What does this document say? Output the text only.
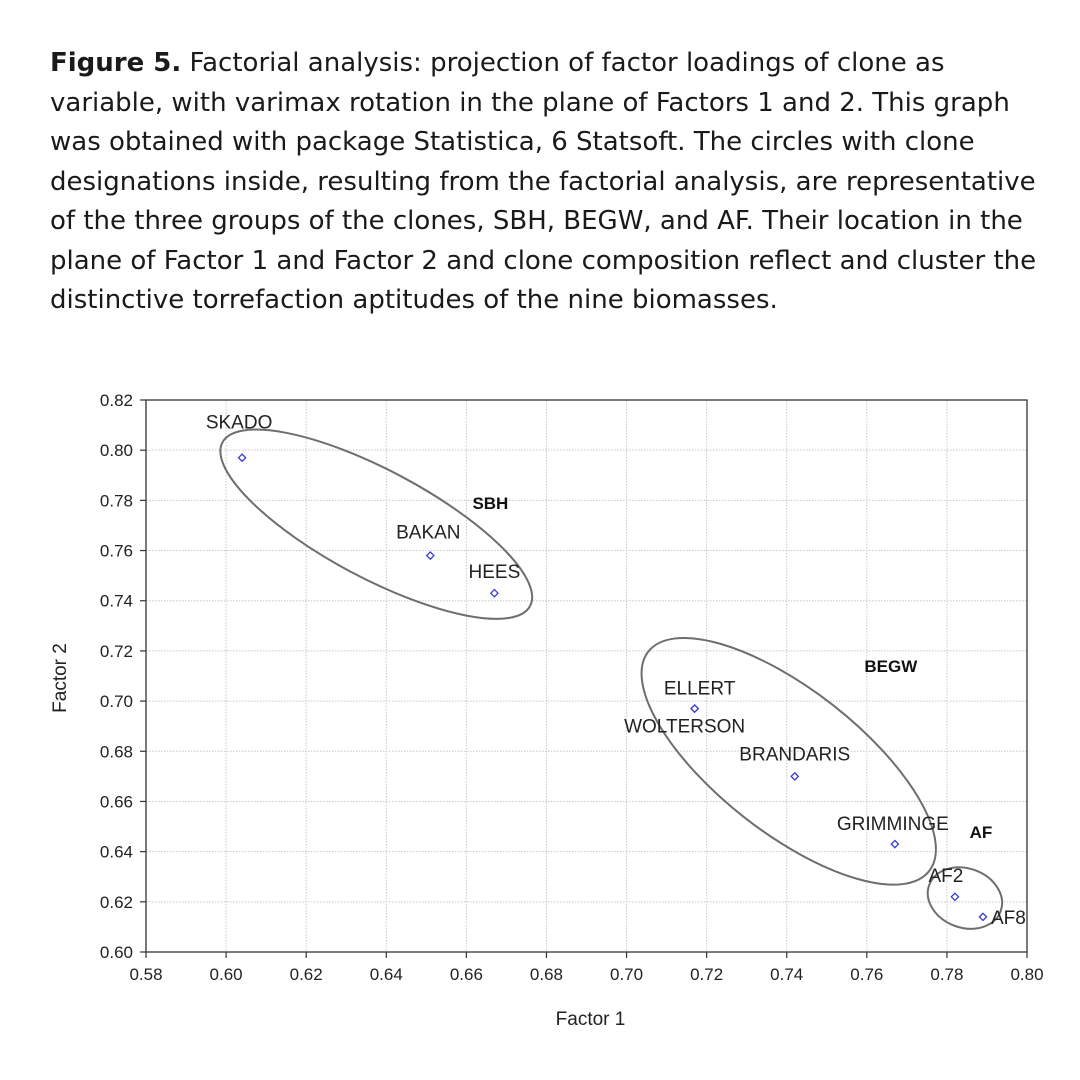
Figure 5. Factorial analysis: projection of factor loadings of clone as variable, with varimax rotation in the plane of Factors 1 and 2. This graph was obtained with package Statistica, 6 Statsoft. The circles with clone designations inside, resulting from the factorial analysis, are representative of the three groups of the clones, SBH, BEGW, and AF. Their location in the plane of Factor 1 and Factor 2 and clone composition reflect and cluster the distinctive torrefaction aptitudes of the nine biomasses.

0.58	0.60	0.62	0.64	0.66	0.68	0.70	0.72	0.74	0.76	0.78	0.80
0.60
0.62
0.64
0.66
0.68
0.70
0.72
0.74
0.76
0.78
0.80
0.82
Factor 1
Factor 2
SBH
BEGW
AF
SKADO
BAKAN
HEES
ELLERT
WOLTERSON
BRANDARIS
GRIMMINGE
AF2
AF8
